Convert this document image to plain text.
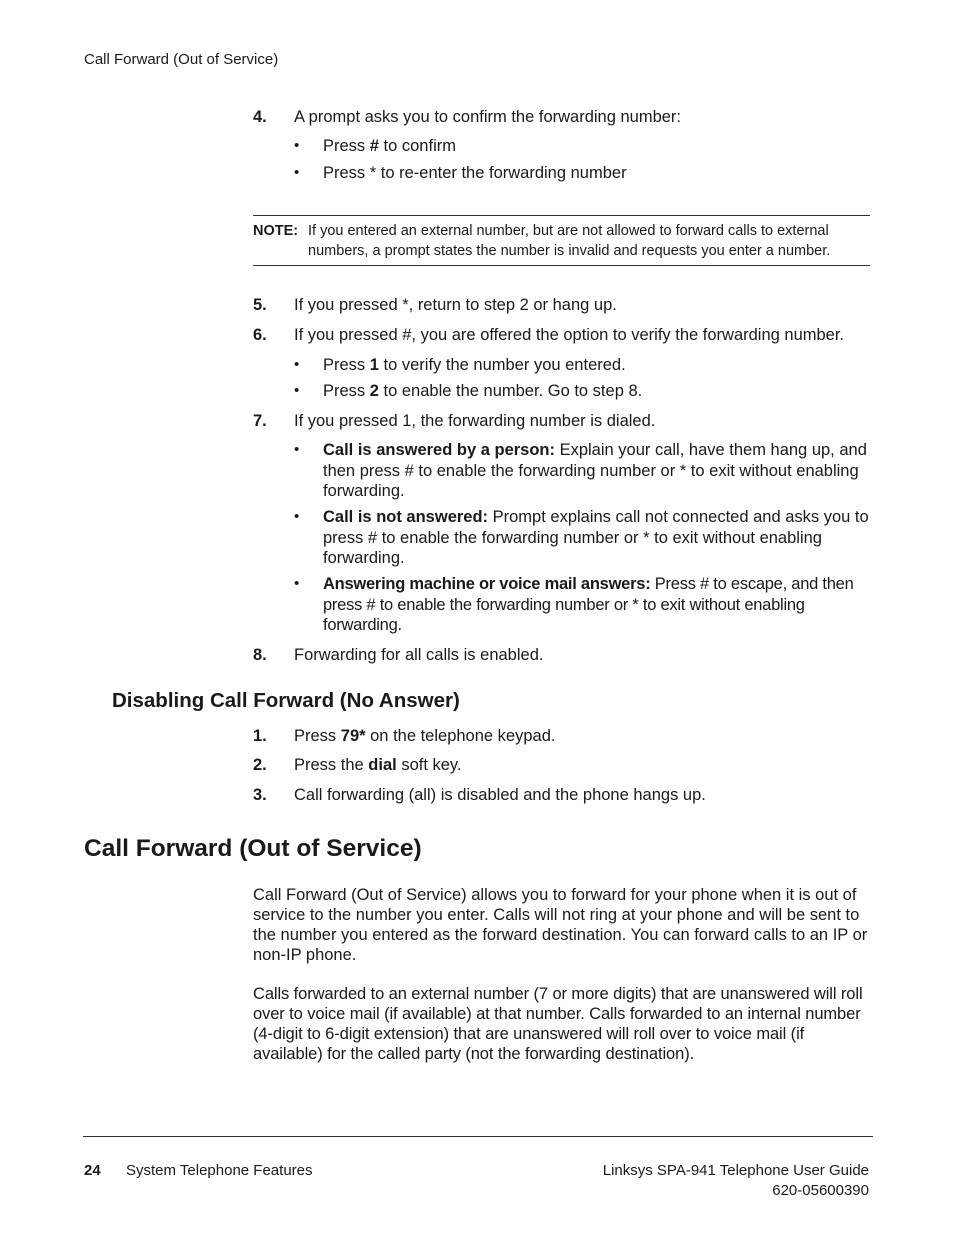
Call Forward (Out of Service)
4. A prompt asks you to confirm the forwarding number:
• Press # to confirm
• Press * to re-enter the forwarding number
NOTE: If you entered an external number, but are not allowed to forward calls to external numbers, a prompt states the number is invalid and requests you enter a number.
5. If you pressed *, return to step 2 or hang up.
6. If you pressed #, you are offered the option to verify the forwarding number.
• Press 1 to verify the number you entered.
• Press 2 to enable the number. Go to step 8.
7. If you pressed 1, the forwarding number is dialed.
• Call is answered by a person: Explain your call, have them hang up, and then press # to enable the forwarding number or * to exit without enabling forwarding.
• Call is not answered: Prompt explains call not connected and asks you to press # to enable the forwarding number or * to exit without enabling forwarding.
• Answering machine or voice mail answers: Press # to escape, and then press # to enable the forwarding number or * to exit without enabling forwarding.
8. Forwarding for all calls is enabled.
Disabling Call Forward (No Answer)
1. Press 79* on the telephone keypad.
2. Press the dial soft key.
3. Call forwarding (all) is disabled and the phone hangs up.
Call Forward (Out of Service)
Call Forward (Out of Service) allows you to forward for your phone when it is out of service to the number you enter. Calls will not ring at your phone and will be sent to the number you entered as the forward destination. You can forward calls to an IP or non-IP phone.
Calls forwarded to an external number (7 or more digits) that are unanswered will roll over to voice mail (if available) at that number. Calls forwarded to an internal number (4-digit to 6-digit extension) that are unanswered will roll over to voice mail (if available) for the called party (not the forwarding destination).
24 System Telephone Features	Linksys SPA-941 Telephone User Guide
620-05600390
